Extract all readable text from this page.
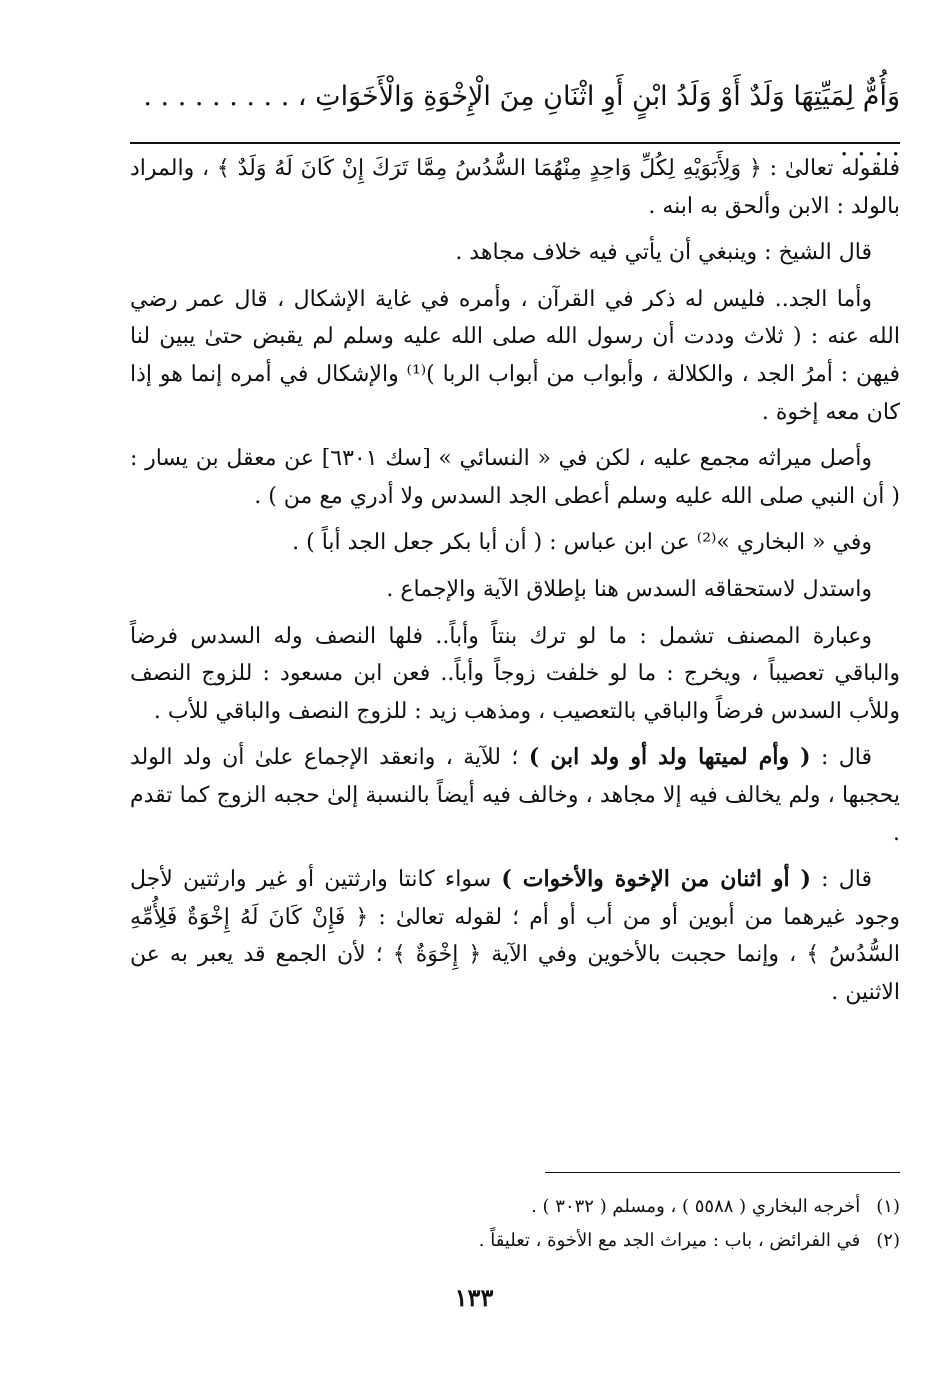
وَأُمٌّ لِمَيِّتِهَا وَلَدٌ أَوْ وَلَدُ ابْنٍ أَوِ اثْنَانِ مِنَ الْإِخْوَةِ وَالْأَخَوَاتِ ، . . . . . . . . . . . . .

فلقوله تعالىٰ : ﴿ وَلِأَبَوَيْهِ لِكُلِّ وَاحِدٍ مِنْهُمَا السُّدُسُ مِمَّا تَرَكَ إِنْ كَانَ لَهُ وَلَدٌ ﴾ ، والمراد بالولد : الابن وألحق به ابنه .

قال الشيخ : وينبغي أن يأتي فيه خلاف مجاهد .

وأما الجد.. فليس له ذكر في القرآن ، وأمره في غاية الإشكال ، قال عمر رضي الله عنه : ( ثلاث وددت أن رسول الله صلى الله عليه وسلم لم يقبض حتىٰ يبين لنا فيهن : أمرُ الجد ، والكلالة ، وأبواب من أبواب الربا )⁽¹⁾ والإشكال في أمره إنما هو إذا كان معه إخوة .

وأصل ميراثه مجمع عليه ، لكن في « النسائي » [سك ٦٣٠١] عن معقل بن يسار : ( أن النبي صلى الله عليه وسلم أعطى الجد السدس ولا أدري مع من ) .

وفي « البخاري »⁽²⁾ عن ابن عباس : ( أن أبا بكر جعل الجد أباً ) .

واستدل لاستحقاقه السدس هنا بإطلاق الآية والإجماع .

وعبارة المصنف تشمل : ما لو ترك بنتاً وأباً.. فلها النصف وله السدس فرضاً والباقي تعصيباً ، ويخرج : ما لو خلفت زوجاً وأباً.. فعن ابن مسعود : للزوج النصف وللأب السدس فرضاً والباقي بالتعصيب ، ومذهب زيد : للزوج النصف والباقي للأب .

قال : ( وأم لميتها ولد أو ولد ابن ) ؛ للآية ، وانعقد الإجماع علىٰ أن ولد الولد يحجبها ، ولم يخالف فيه إلا مجاهد ، وخالف فيه أيضاً بالنسبة إلىٰ حجبه الزوج كما تقدم .

قال : ( أو اثنان من الإخوة والأخوات ) سواء كانتا وارثتين أو غير وارثتين لأجل وجود غيرهما من أبوين أو من أب أو أم ؛ لقوله تعالىٰ : ﴿ فَإِنْ كَانَ لَهُ إِخْوَةٌ فَلِأُمِّهِ السُّدُسُ ﴾ ، وإنما حجبت بالأخوين وفي الآية ﴿ إِخْوَةٌ ﴾ ؛ لأن الجمع قد يعبر به عن الاثنين .

(١) أخرجه البخاري ( ٥٥٨٨ ) ، ومسلم ( ٣٠٣٢ ) .
(٢) في الفرائض ، باب : ميراث الجد مع الأخوة ، تعليقاً .
١٣٣
